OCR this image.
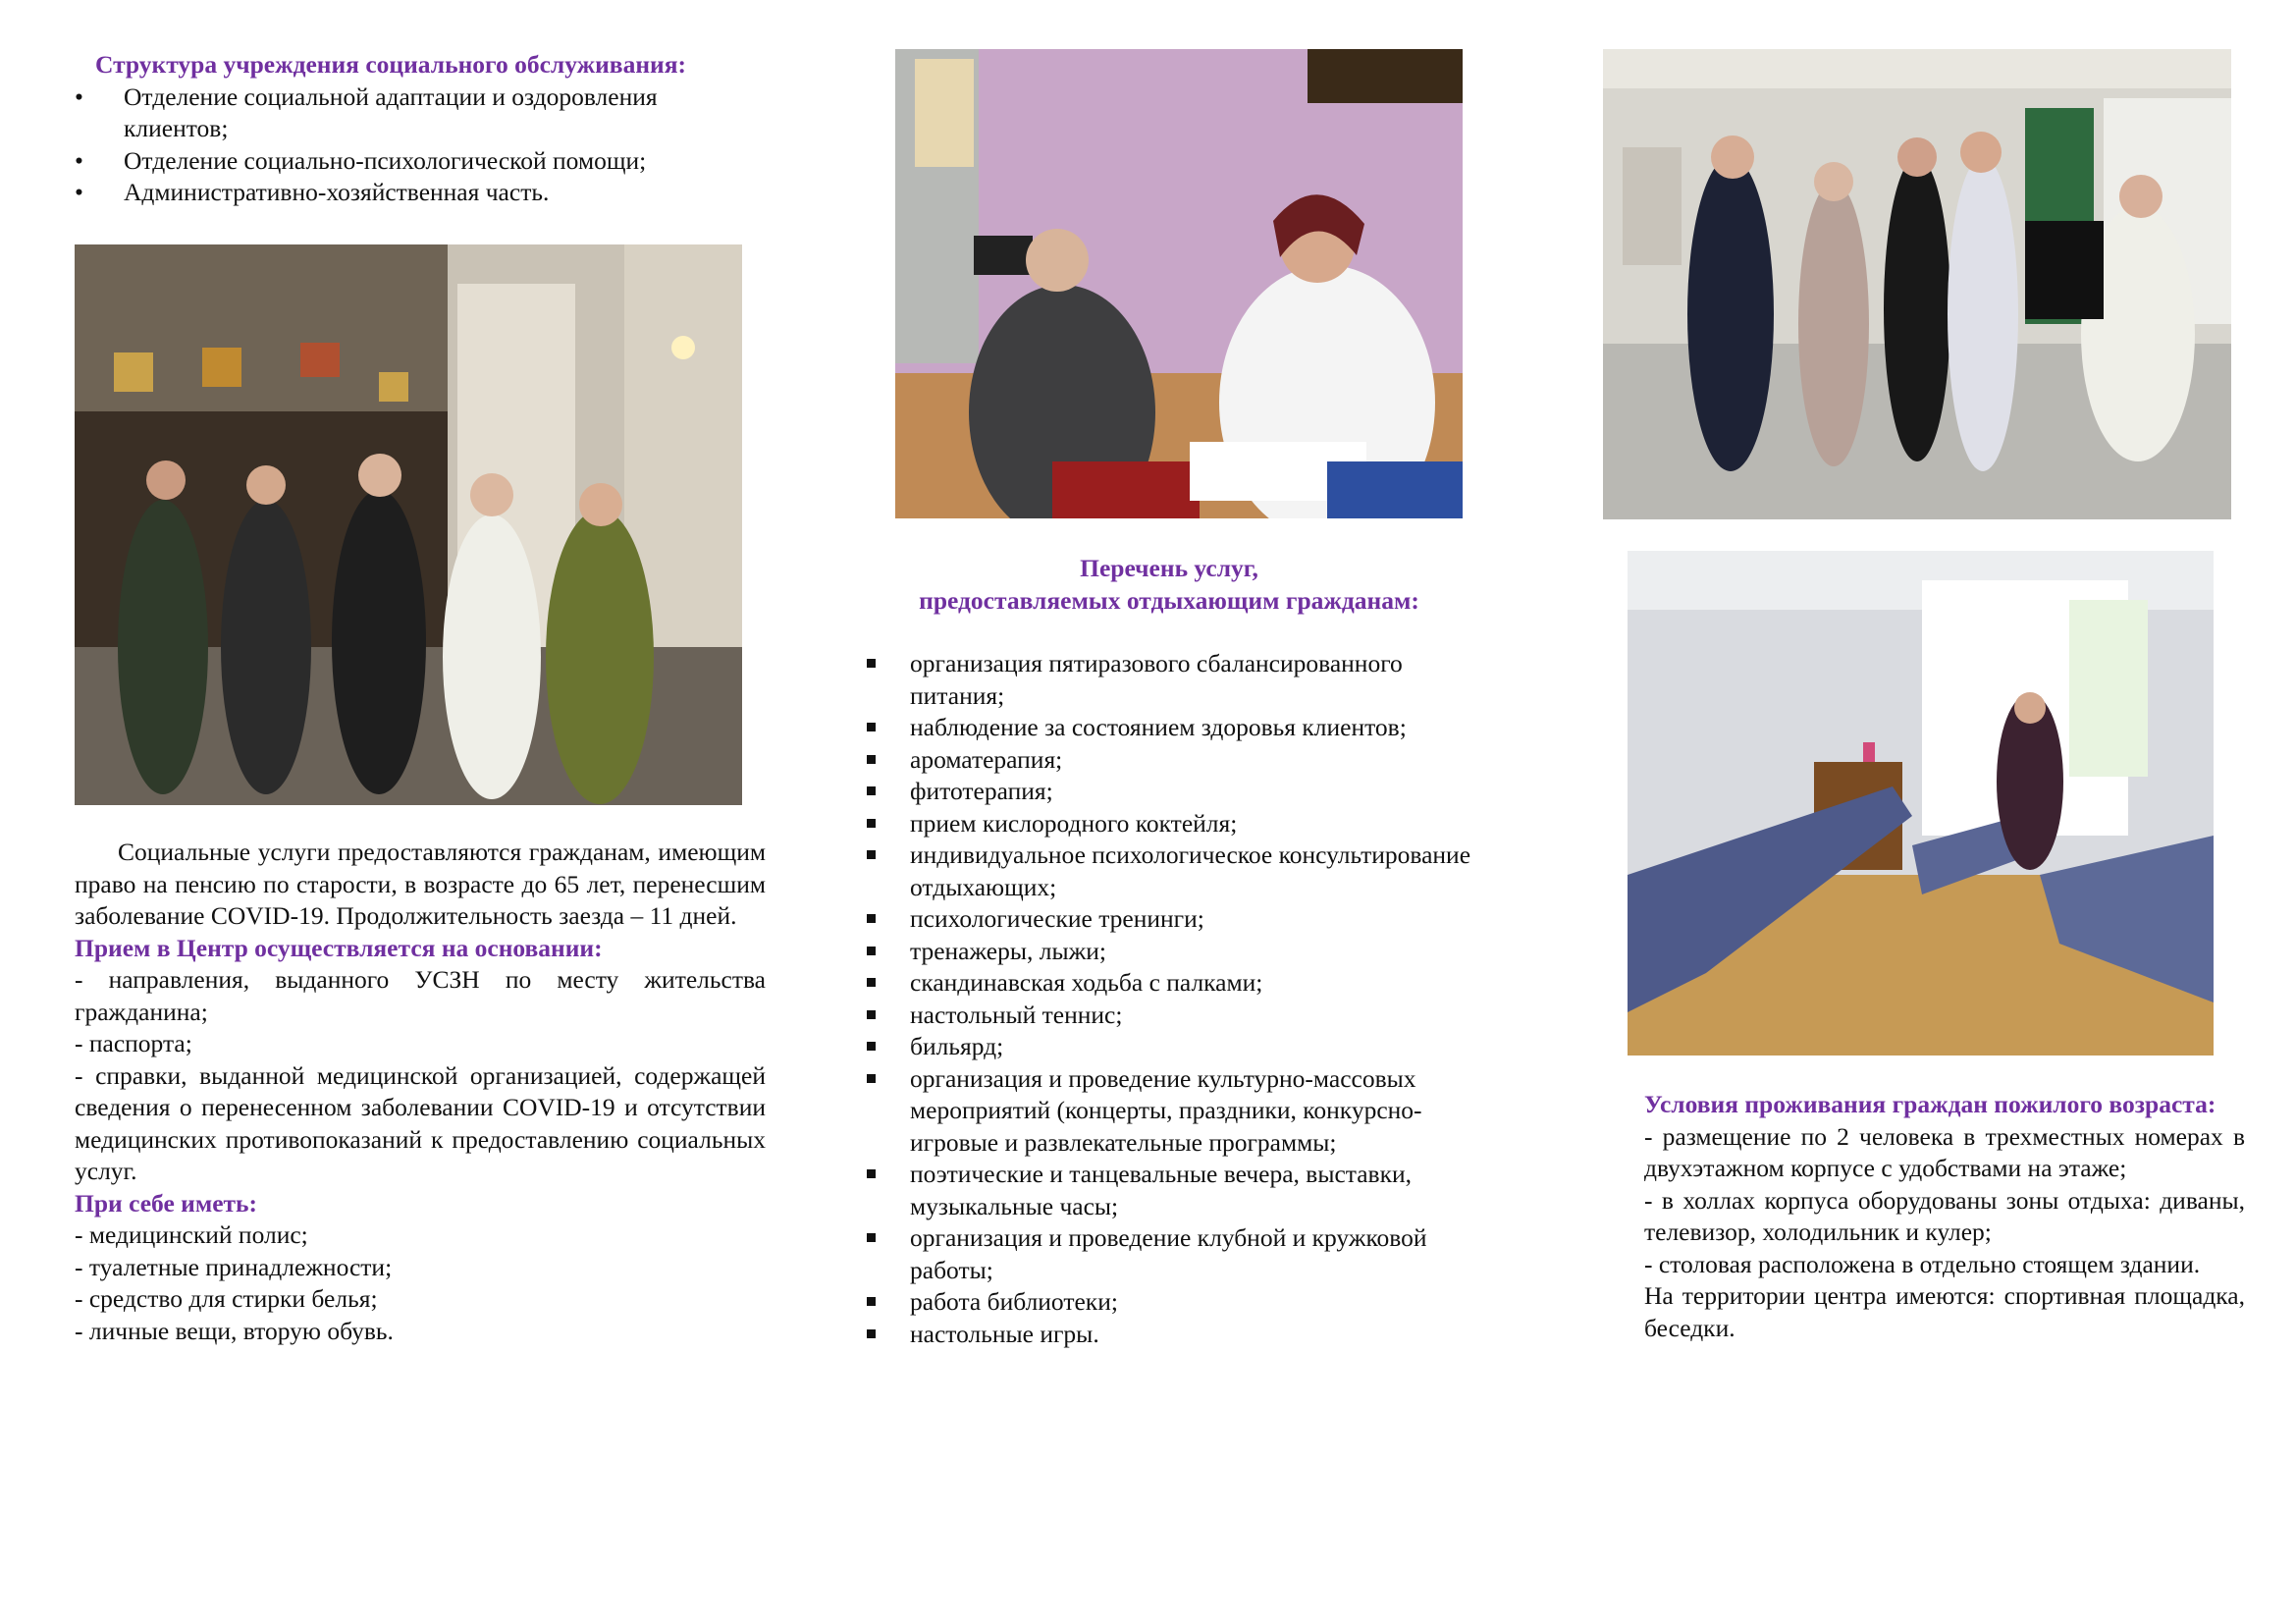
Структура учреждения социального обслуживания:
• Отделение социальной адаптации и оздоровления клиентов;
• Отделение социально-психологической помощи;
• Административно-хозяйственная часть.

Социальные услуги предоставляются гражданам, имеющим право на пенсию по старости, в возрасте до 65 лет, перенесшим заболевание COVID-19. Продолжительность заезда – 11 дней.

Прием в Центр осуществляется на основании:

- направления, выданного УСЗН по месту жительства гражданина;

- паспорта;

- справки, выданной медицинской организацией, содержащей сведения о перенесенном заболевании COVID-19 и отсутствии медицинских противопоказаний к предоставлению социальных услуг.

При себе иметь:

- медицинский полис;

- туалетные принадлежности;

- средство для стирки белья;

- личные вещи, вторую обувь.

Перечень услуг,
предоставляемых отдыхающим гражданам:
организация пятиразового сбалансированного питания;
наблюдение за состоянием здоровья клиентов;
ароматерапия;
фитотерапия;
прием кислородного коктейля;
индивидуальное психологическое консультирование отдыхающих;
психологические тренинги;
тренажеры, лыжи;
скандинавская ходьба с палками;
настольный теннис;
бильярд;
организация и проведение культурно-массовых мероприятий (концерты, праздники, конкурсно-игровые и развлекательные программы;
поэтические и танцевальные вечера, выставки, музыкальные часы;
организация и проведение клубной и кружковой работы;
работа библиотеки;
настольные игры.
Условия проживания граждан пожилого возраста:

- размещение по 2 человека в трехместных номерах в двухэтажном корпусе с удобствами на этаже;

- в холлах корпуса оборудованы зоны отдыха: диваны, телевизор, холодильник и кулер;

- столовая расположена в отдельно стоящем здании.

На территории центра имеются: спортивная площадка, беседки.
